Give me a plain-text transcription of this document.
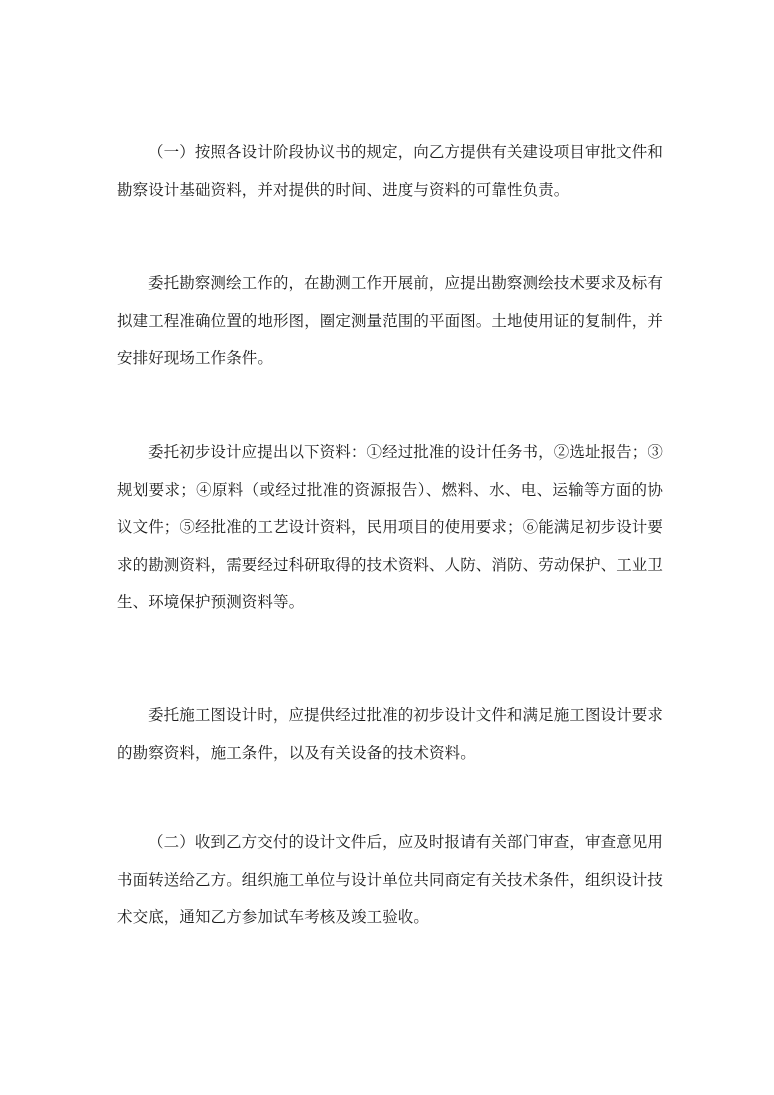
（一）按照各设计阶段协议书的规定，向乙方提供有关建设项目审批文件和勘察设计基础资料，并对提供的时间、进度与资料的可靠性负责。

委托勘察测绘工作的，在勘测工作开展前，应提出勘察测绘技术要求及标有拟建工程准确位置的地形图，圈定测量范围的平面图。土地使用证的复制件，并安排好现场工作条件。

委托初步设计应提出以下资料：①经过批准的设计任务书，②选址报告；③规划要求；④原料（或经过批准的资源报告）、燃料、水、电、运输等方面的协议文件；⑤经批准的工艺设计资料，民用项目的使用要求；⑥能满足初步设计要求的勘测资料，需要经过科研取得的技术资料、人防、消防、劳动保护、工业卫生、环境保护预测资料等。

委托施工图设计时，应提供经过批准的初步设计文件和满足施工图设计要求的勘察资料，施工条件，以及有关设备的技术资料。

（二）收到乙方交付的设计文件后，应及时报请有关部门审查，审查意见用书面转送给乙方。组织施工单位与设计单位共同商定有关技术条件，组织设计技术交底，通知乙方参加试车考核及竣工验收。
